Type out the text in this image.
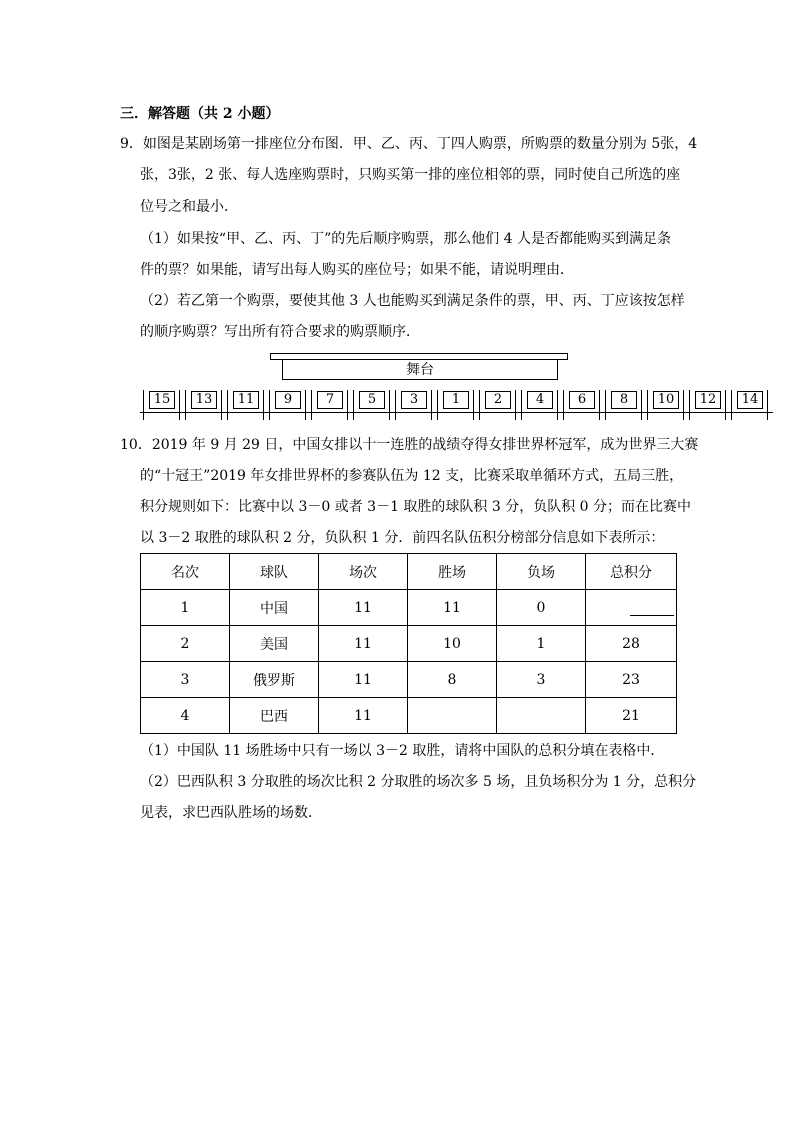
三．解答题（共 2 小题）
9．如图是某剧场第一排座位分布图．甲、乙、丙、丁四人购票，所购票的数量分别为 5张，4
张，3张，2 张、每人选座购票时，只购买第一排的座位相邻的票，同时使自己所选的座
位号之和最小．
（1）如果按“甲、乙、丙、丁”的先后顺序购票，那么他们 4 人是否都能购买到满足条
件的票？如果能，请写出每人购买的座位号；如果不能，请说明理由．
（2）若乙第一个购票，要使其他 3 人也能购买到满足条件的票，甲、丙、丁应该按怎样
的顺序购票？写出所有符合要求的购票顺序．
舞台
15	13	11	9	7	5	3	1	2	4	6	8	10	12	14
10．2019 年 9 月 29 日，中国女排以十一连胜的战绩夺得女排世界杯冠军，成为世界三大赛
的“十冠王”2019 年女排世界杯的参赛队伍为 12 支，比赛采取单循环方式，五局三胜，
积分规则如下：比赛中以 3－0 或者 3－1 取胜的球队积 3 分，负队积 0 分；而在比赛中
以 3－2 取胜的球队积 2 分，负队积 1 分．前四名队伍积分榜部分信息如下表所示：
名次	球队	场次	胜场	负场	总积分
1	中国	11	11	0	
2	美国	11	10	1	28
3	俄罗斯	11	8	3	23
4	巴西	11			21
（1）中国队 11 场胜场中只有一场以 3－2 取胜，请将中国队的总积分填在表格中．
（2）巴西队积 3 分取胜的场次比积 2 分取胜的场次多 5 场，且负场积分为 1 分，总积分
见表，求巴西队胜场的场数．
